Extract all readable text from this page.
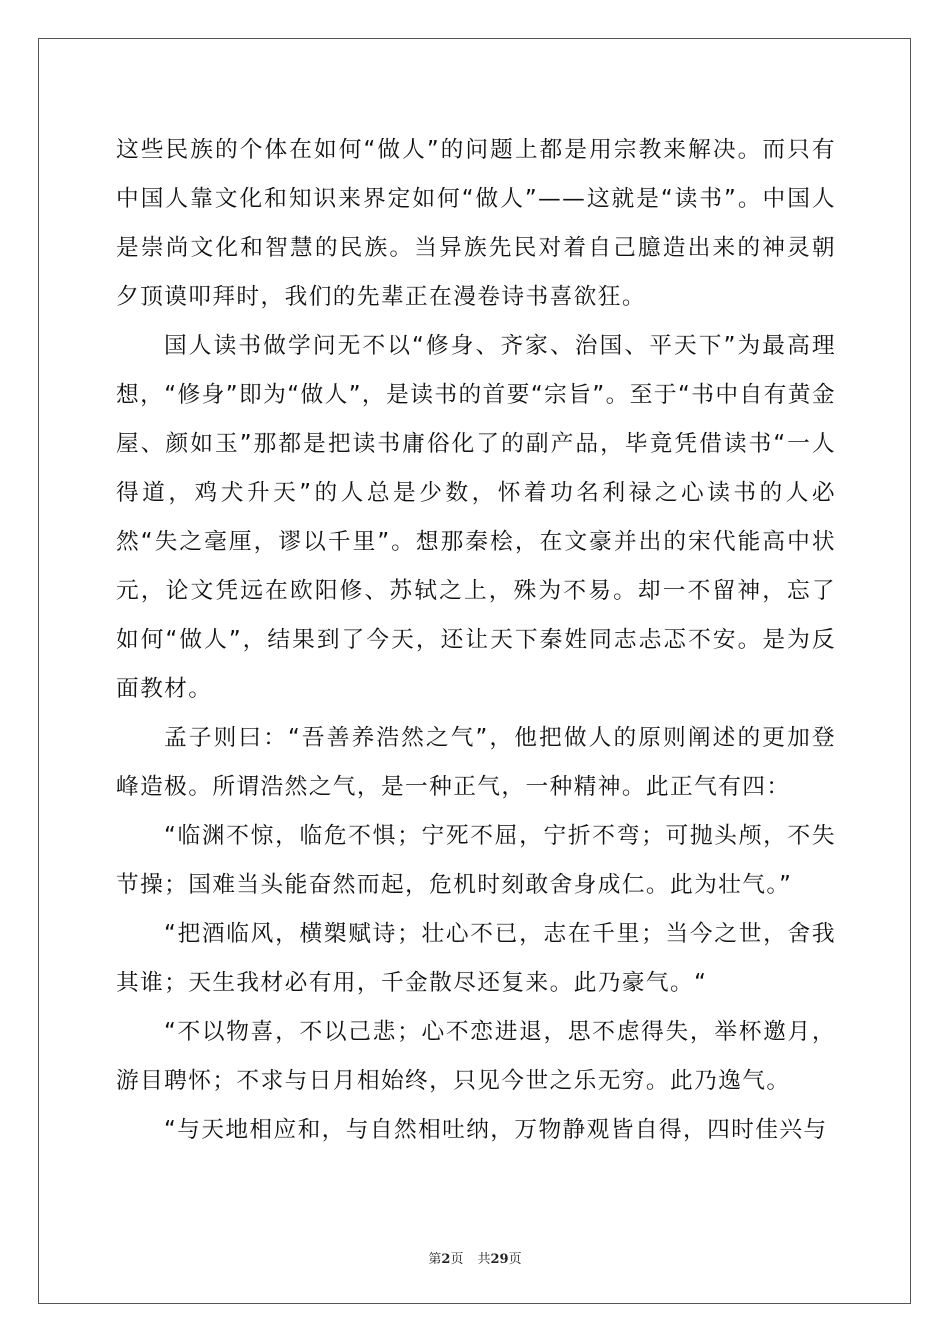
这些民族的个体在如何“做人”的问题上都是用宗教来解决。而只有中国人靠文化和知识来界定如何“做人”——这就是“读书”。中国人是崇尚文化和智慧的民族。当异族先民对着自己臆造出来的神灵朝夕顶谟叩拜时，我们的先辈正在漫卷诗书喜欲狂。

国人读书做学问无不以“修身、齐家、治国、平天下”为最高理想，“修身”即为“做人”，是读书的首要“宗旨”。至于“书中自有黄金屋、颜如玉”那都是把读书庸俗化了的副产品，毕竟凭借读书“一人得道，鸡犬升天”的人总是少数，怀着功名利禄之心读书的人必然“失之毫厘，谬以千里”。想那秦桧，在文豪并出的宋代能高中状元，论文凭远在欧阳修、苏轼之上，殊为不易。却一不留神，忘了如何“做人”，结果到了今天，还让天下秦姓同志忐忑不安。是为反面教材。

孟子则曰：“吾善养浩然之气”，他把做人的原则阐述的更加登峰造极。所谓浩然之气，是一种正气，一种精神。此正气有四：

“临渊不惊，临危不惧；宁死不屈，宁折不弯；可抛头颅，不失节操；国难当头能奋然而起，危机时刻敢舍身成仁。此为壮气。”

“把酒临风，横槊赋诗；壮心不已，志在千里；当今之世，舍我其谁；天生我材必有用，千金散尽还复来。此乃豪气。“

“不以物喜，不以己悲；心不恋进退，思不虑得失，举杯邀月，游目聘怀；不求与日月相始终，只见今世之乐无穷。此乃逸气。

“与天地相应和，与自然相吐纳，万物静观皆自得，四时佳兴与

第2页 共29页
